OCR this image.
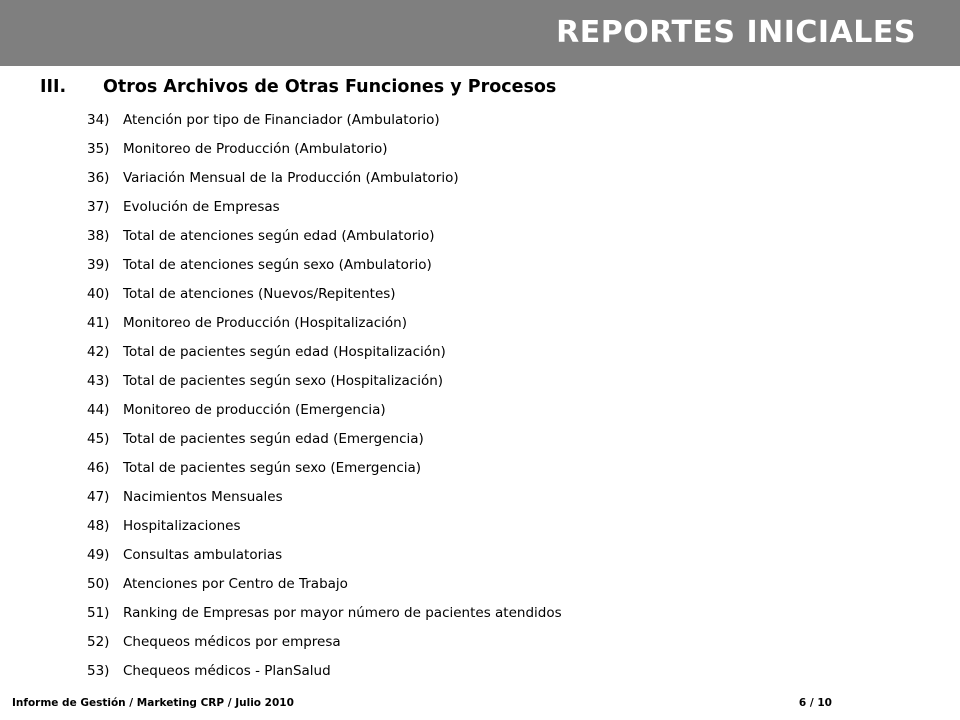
REPORTES INICIALES
III. Otros Archivos de Otras Funciones y Procesos
34) Atención por tipo de Financiador (Ambulatorio)
35) Monitoreo de Producción (Ambulatorio)
36) Variación Mensual de la Producción (Ambulatorio)
37) Evolución de Empresas
38) Total de atenciones según edad (Ambulatorio)
39) Total de atenciones según sexo (Ambulatorio)
40) Total de atenciones (Nuevos/Repitentes)
41) Monitoreo de Producción (Hospitalización)
42) Total de pacientes según edad (Hospitalización)
43) Total de pacientes según sexo (Hospitalización)
44) Monitoreo de producción (Emergencia)
45) Total de pacientes según edad (Emergencia)
46) Total de pacientes según sexo (Emergencia)
47) Nacimientos Mensuales
48) Hospitalizaciones
49) Consultas ambulatorias
50) Atenciones por Centro de Trabajo
51) Ranking de Empresas por mayor número de pacientes atendidos
52) Chequeos médicos por empresa
53) Chequeos médicos - PlanSalud
Informe de Gestión / Marketing CRP / Julio 2010	6 / 10
